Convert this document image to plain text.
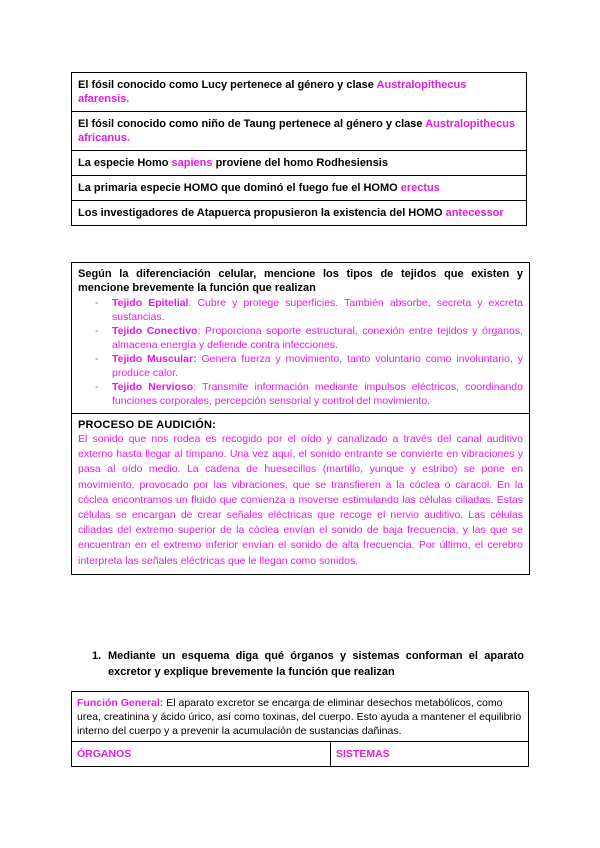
El fósil conocido como Lucy pertenece al género y clase Australopithecus afarensis.
El fósil conocido como niño de Taung pertenece al género y clase Australopithecus africanus.
La especie Homo sapiens proviene del homo Rodhesiensis
La primaria especie HOMO que dominó el fuego fue el HOMO erectus
Los investigadores de Atapuerca propusieron la existencia del HOMO antecessor
Según la diferenciación celular, mencione los tipos de tejidos que existen y mencione brevemente la función que realizan
- Tejido Epitelial: Cubre y protege superficies. También absorbe, secreta y excreta sustancias.
- Tejido Conectivo: Proporciona soporte estructural, conexión entre tejidos y órganos, almacena energía y defiende contra infecciones.
- Tejido Muscular: Genera fuerza y movimiento, tanto voluntario como involuntario, y produce calor.
- Tejido Nervioso: Transmite información mediante impulsos eléctricos, coordinando funciones corporales, percepción sensorial y control del movimiento.
PROCESO DE AUDICIÓN:
El sonido que nos rodea es recogido por el oído y canalizado a través del canal auditivo externo hasta llegar al tímpano. Una vez aquí, el sonido entrante se convierte en vibraciones y pasa al oído medio. La cadena de huesecillos (martillo, yunque y estribo) se pone en movimiento, provocado por las vibraciones, que se transfieren a la cóclea o caracol. En la cóclea encontramos un fluido que comienza a moverse estimulando las células ciliadas. Estas células se encargan de crear señales eléctricas que recoge el nervio auditivo. Las células ciliadas del extremo superior de la cóclea envían el sonido de baja frecuencia, y las que se encuentran en el extremo inferior envían el sonido de alta frecuencia. Por último, el cerebro interpreta las señales eléctricas que le llegan como sonidos.
1. Mediante un esquema diga qué órganos y sistemas conforman el aparato excretor y explique brevemente la función que realizan
Función General: El aparato excretor se encarga de eliminar desechos metabólicos, como urea, creatinina y ácido úrico, así como toxinas, del cuerpo. Esto ayuda a mantener el equilibrio interno del cuerpo y a prevenir la acumulación de sustancias dañinas.
ÓRGANOS	SISTEMAS
